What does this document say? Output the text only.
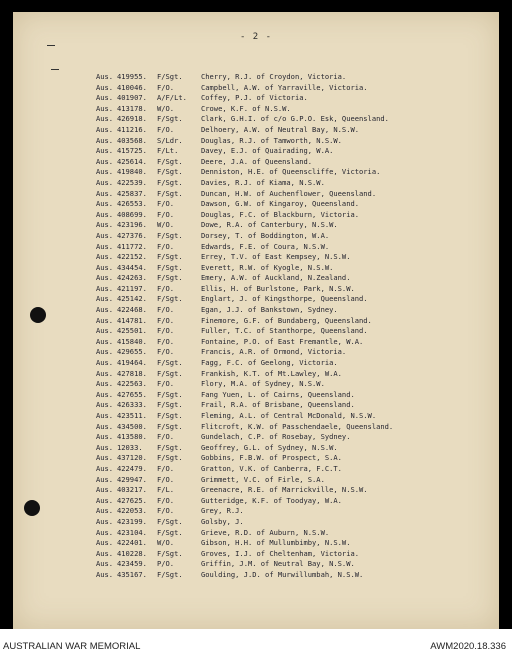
- 2 -
Aus. 419955. F/Sgt.	Cherry, R.J. of Croydon, Victoria.
Aus. 410046. F/O.	Campbell, A.W. of Yarraville, Victoria.
Aus. 401907. A/F/Lt. Coffey, P.J. of Victoria.
Aus. 413178. W/O.	Crowe, K.F. of N.S.W.
Aus. 426918. F/Sgt.	Clark, G.H.I. of c/o G.P.O. Esk, Queensland.
Aus. 411216. F/O.	Delhoery, A.W. of Neutral Bay, N.S.W.
Aus. 403568. S/Ldr.	Douglas, R.J. of Tamworth, N.S.W.
Aus. 415725. F/Lt.	Davey, E.J. of Quairading, W.A.
Aus. 425614. F/Sgt.	Deere, J.A. of Queensland.
Aus. 419840. F/Sgt.	Denniston, H.E. of Queenscliffe, Victoria.
Aus. 422539. F/Sgt.	Davies, R.J. of Kiama, N.S.W.
Aus. 425837. F/Sgt.	Duncan, H.W. of Auchenflower, Queensland.
Aus. 426553. F/O.	Dawson, G.W. of Kingaroy, Queensland.
Aus. 408699. F/O.	Douglas, F.C. of Blackburn, Victoria.
Aus. 423196. W/O.	Dowe, R.A. of Canterbury, N.S.W.
Aus. 427376. F/Sgt.	Dorsey, T. of Boddington, W.A.
Aus. 411772. F/O.	Edwards, F.E. of Coura, N.S.W.
Aus. 422152. F/Sgt.	Errey, T.V. of East Kempsey, N.S.W.
Aus. 434454. F/Sgt.	Everett, R.W. of Kyogle, N.S.W.
Aus. 424263. F/Sgt.	Emery, A.W. of Auckland, N.Zealand.
Aus. 421197. F/O.	Ellis, H. of Burlstone, Park, N.S.W.
Aus. 425142. F/Sgt.	Englart, J. of Kingsthorpe, Queensland.
Aus. 422468. F/O.	Egan, J.J. of Bankstown, Sydney.
Aus. 414781. F/O.	Finemore, G.F. of Bundaberg, Queensland.
Aus. 425501. F/O.	Fuller, T.C. of Stanthorpe, Queensland.
Aus. 415840. F/O.	Fontaine, P.O. of East Fremantle, W.A.
Aus. 429655. F/O.	Francis, A.R. of Ormond, Victoria.
Aus. 419464. F/Sgt.	Fagg, F.C. of Geelong, Victoria.
Aus. 427818. F/Sgt.	Frankish, K.T. of Mt.Lawley, W.A.
Aus. 422563. F/O.	Flory, M.A. of Sydney, N.S.W.
Aus. 427655. F/Sgt.	Fang Yuen, L. of Cairns, Queensland.
Aus. 426333. F/Sgt.	Frail, R.A. of Brisbane, Queensland.
Aus. 423511. F/Sgt.	Fleming, A.L. of Central McDonald, N.S.W.
Aus. 434500. F/Sgt.	Flitcroft, K.W. of Passchendaele, Queensland.
Aus. 413580. F/O.	Gundelach, C.P. of Rosebay, Sydney.
Aus. 12033. F/Sgt.	Geoffrey, G.L. of Sydney, N.S.W.
Aus. 437120. F/Sgt.	Gobbins, F.B.W. of Prospect, S.A.
Aus. 422479. F/O.	Gratton, V.K. of Canberra, F.C.T.
Aus. 429947. F/O.	Grimmett, V.C. of Firle, S.A.
Aus. 403217. F/L.	Greenacre, R.E. of Marrickville, N.S.W.
Aus. 427625. F/O.	Gutteridge, K.F. of Toodyay, W.A.
Aus. 422053. F/O.	Grey, R.J.
Aus. 423199. F/Sgt.	Golsby, J.
Aus. 423104. F/Sgt.	Grieve, R.D. of Auburn, N.S.W.
Aus. 422401. W/O.	Gibson, H.H. of Mullumbimby, N.S.W.
Aus. 410228. F/Sgt.	Groves, I.J. of Cheltenham, Victoria.
Aus. 423459. P/O.	Griffin, J.M. of Neutral Bay, N.S.W.
Aus. 435167. F/Sgt.	Goulding, J.D. of Murwillumbah, N.S.W.
AUSTRALIAN WAR MEMORIAL	AWM2020.18.336
